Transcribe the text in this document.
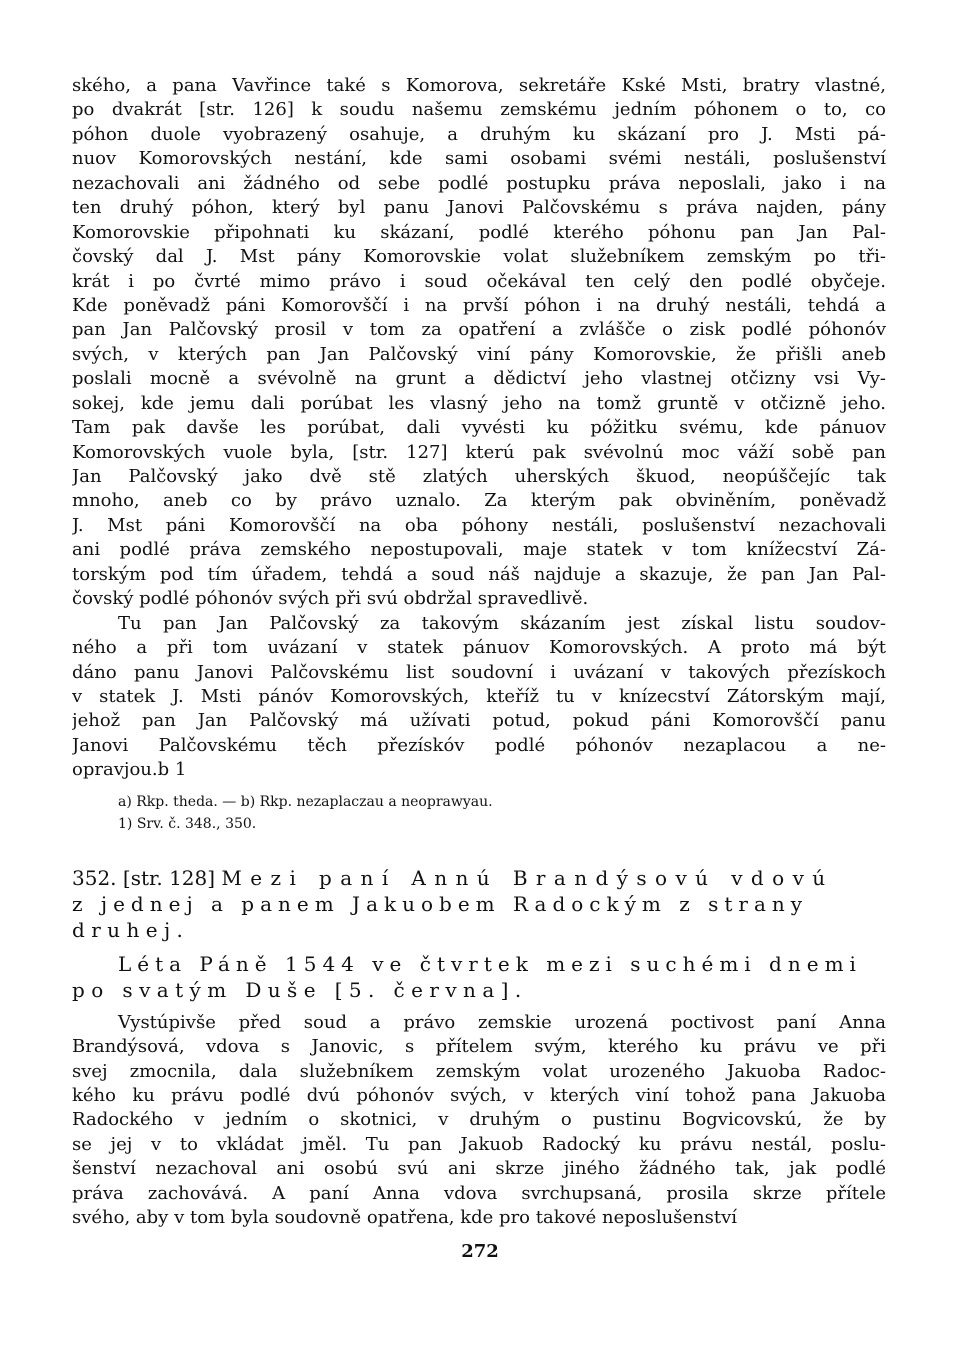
ského, a pana Vavřince také s Komorova, sekretáře Kské Msti, bratry vlastné,
po dvakrát [str. 126] k soudu našemu zemskému jedním póhonem o to, co
póhon duole vyobrazený osahuje, a druhým ku skázaní pro J. Msti pá-
nuov Komorovských nestání, kde sami osobami svémi nestáli, poslušenství
nezachovali ani žádného od sebe podlé postupku práva neposlali, jako i na
ten druhý póhon, který byl panu Janovi Palčovskému s práva najden, pány
Komorovskie připohnati ku skázaní, podlé kterého póhonu pan Jan Pal-
čovský dal J. Mst pány Komorovskie volat služebníkem zemským po tři-
krát i po čvrté mimo právo i soud očekával ten celý den podlé obyčeje.
Kde poněvadž páni Komorovščí i na prvší póhon i na druhý nestáli, tehdá a
pan Jan Palčovský prosil v tom za opatření a zvlášče o zisk podlé póhonóv
svých, v kterých pan Jan Palčovský viní pány Komorovskie, že přišli aneb
poslali mocně a svévolně na grunt a dědictví jeho vlastnej otčizny vsi Vy-
sokej, kde jemu dali porúbat les vlasný jeho na tomž gruntě v otčizně jeho.
Tam pak davše les porúbat, dali vyvésti ku póžitku svému, kde pánuov
Komorovských vuole byla, [str. 127] kterú pak svévolnú moc váží sobě pan
Jan Palčovský jako dvě stě zlatých uherských škuod, neopúščejíc tak
mnoho, aneb co by právo uznalo. Za kterým pak obviněním, poněvadž
J. Mst páni Komorovščí na oba póhony nestáli, poslušenství nezachovali
ani podlé práva zemského nepostupovali, maje statek v tom knížecství Zá-
torským pod tím úřadem, tehdá a soud náš najduje a skazuje, že pan Jan Pal-
čovský podlé póhonóv svých při svú obdržal spravedlivě.
Tu pan Jan Palčovský za takovým skázaním jest získal listu soudov-
ného a při tom uvázaní v statek pánuov Komorovských. A proto má být
dáno panu Janovi Palčovskému list soudovní i uvázaní v takových přezískoch
v statek J. Msti pánóv Komorovských, kteříž tu v knízecství Zátorským mají,
jehož pan Jan Palčovský má užívati potud, pokud páni Komorovščí panu
Janovi Palčovskému těch přezískóv podlé póhonóv nezaplacou a ne-
opravjou.b 1
a) Rkp. theda. — b) Rkp. nezaplaczau a neoprawyau.
1) Srv. č. 348., 350.
352. [str. 128] Mezi paní Annú Brandýsovú vdovú
z jednej a panem Jakuobem Radockým z strany
druhej.
Léta Páně 1544 ve čtvrtek mezi suchémi dnemi
po svatým Duše [5. června].
Vystúpivše před soud a právo zemskie urozená poctivost paní Anna
Brandýsová, vdova s Janovic, s přítelem svým, kterého ku právu ve při
svej zmocnila, dala služebníkem zemským volat urozeného Jakuoba Radoc-
kého ku právu podlé dvú póhonóv svých, v kterých viní tohož pana Jakuoba
Radockého v jedním o skotnici, v druhým o pustinu Bogvicovskú, že by
se jej v to vkládat jměl. Tu pan Jakuob Radocký ku právu nestál, poslu-
šenství nezachoval ani osobú svú ani skrze jiného žádného tak, jak podlé
práva zachovává. A paní Anna vdova svrchupsaná, prosila skrze přítele
svého, aby v tom byla soudovně opatřena, kde pro takové neposlušenství
272
